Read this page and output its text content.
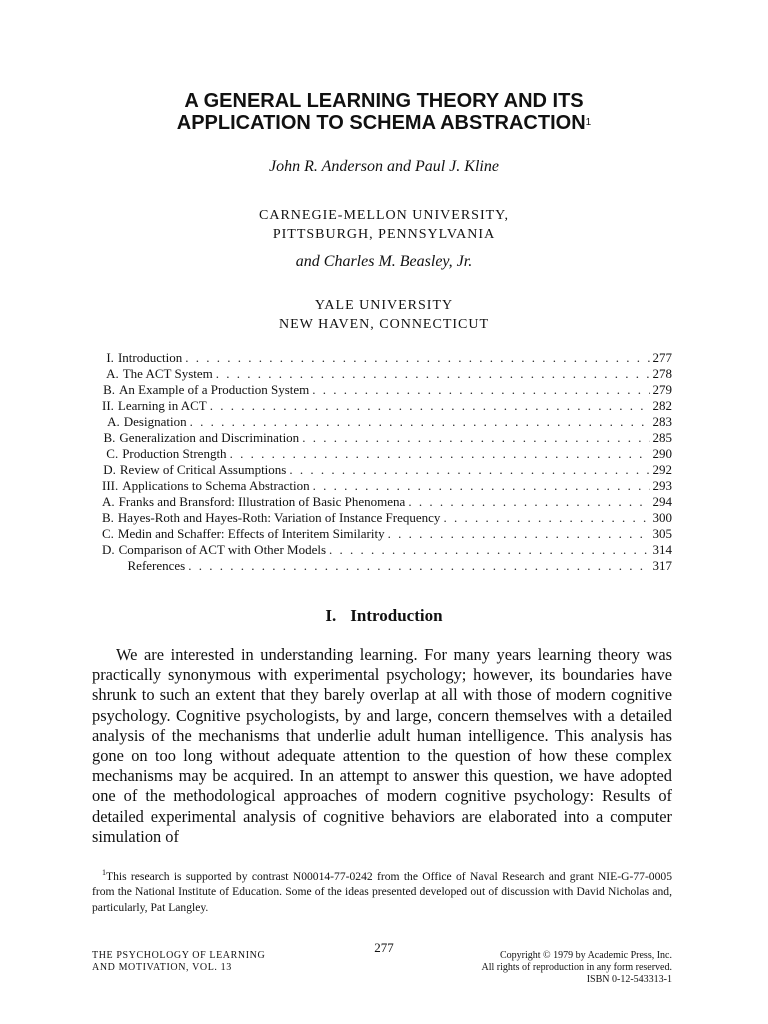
A GENERAL LEARNING THEORY AND ITS
APPLICATION TO SCHEMA ABSTRACTION$^1$
John R. Anderson and Paul J. Kline
CARNEGIE-MELLON UNIVERSITY,
PITTSBURGH, PENNSYLVANIA
and Charles M. Beasley, Jr.
YALE UNIVERSITY
NEW HAVEN, CONNECTICUT
I. Introduction . . .	277
A. The ACT System . . .	278
B. An Example of a Production System . . .	279
II. Learning in ACT . . .	282
A. Designation . . .	283
B. Generalization and Discrimination . . .	285
C. Production Strength . . .	290
D. Review of Critical Assumptions . . .	292
III. Applications to Schema Abstraction . . .	293
A. Franks and Bransford: Illustration of Basic Phenomena . . .	294
B. Hayes-Roth and Hayes-Roth: Variation of Instance Frequency . . .	300
C. Medin and Schaffer: Effects of Interitem Similarity . . .	305
D. Comparison of ACT with Other Models . . .	314
References . . .	317
I. Introduction

We are interested in understanding learning. For many years learning theory was practically synonymous with experimental psychology; however, its boundaries have shrunk to such an extent that they barely overlap at all with those of modern cognitive psychology. Cognitive psychologists, by and large, concern themselves with a detailed analysis of the mechanisms that underlie adult human intelligence. This analysis has gone on too long without adequate attention to the question of how these complex mechanisms may be acquired. In an attempt to answer this question, we have adopted one of the methodological approaches of modern cognitive psychology: Results of detailed experimental analysis of cognitive behaviors are elaborated into a computer simulation of

$^1$This research is supported by contrast N00014-77-0242 from the Office of Naval Research and grant NIE-G-77-0005 from the National Institute of Education. Some of the ideas presented developed out of discussion with David Nicholas and, particularly, Pat Langley.

THE PSYCHOLOGY OF LEARNING
AND MOTIVATION, VOL. 13
277
Copyright © 1979 by Academic Press, Inc.
All rights of reproduction in any form reserved.
ISBN 0-12-543313-1
